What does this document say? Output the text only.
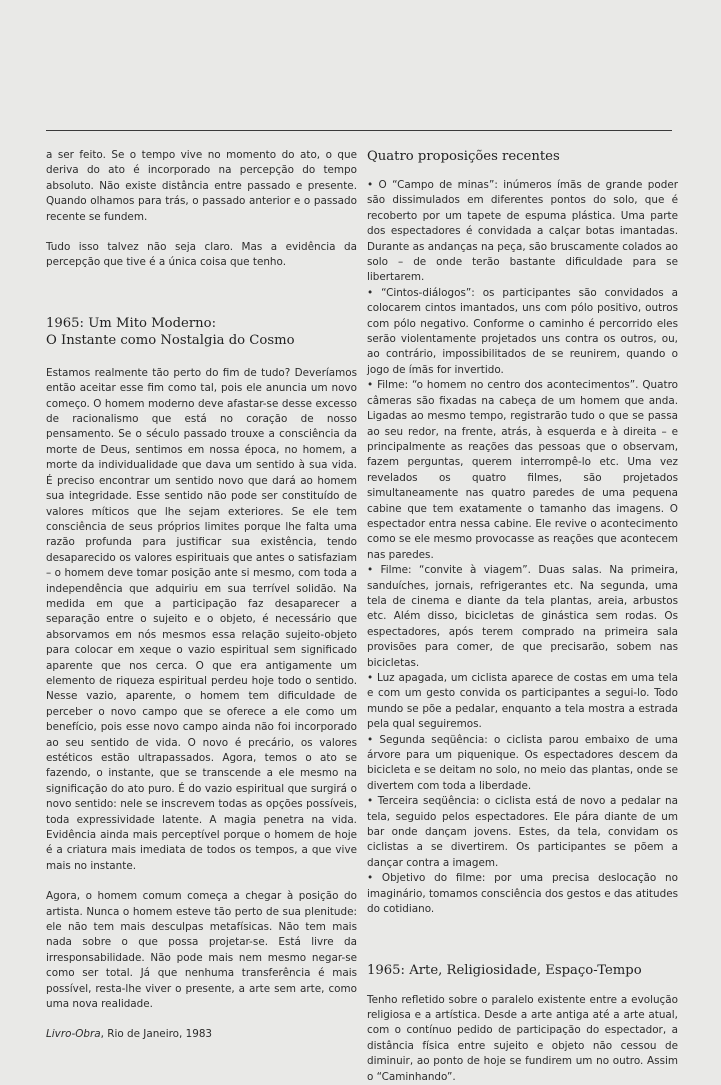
a ser feito. Se o tempo vive no momento do ato, o que deriva do ato é incorporado na percepção do tempo absoluto. Não existe distância entre passado e presente. Quando olhamos para trás, o passado anterior e o passado recente se fundem.

Tudo isso talvez não seja claro. Mas a evidência da percepção que tive é a única coisa que tenho.

1965: Um Mito Moderno:
O Instante como Nostalgia do Cosmo

Estamos realmente tão perto do fim de tudo? Deveríamos então aceitar esse fim como tal, pois ele anuncia um novo começo. O homem moderno deve afastar-se desse excesso de racionalismo que está no coração de nosso pensamento. Se o século passado trouxe a consciência da morte de Deus, sentimos em nossa época, no homem, a morte da individualidade que dava um sentido à sua vida. É preciso encontrar um sentido novo que dará ao homem sua integridade. Esse sentido não pode ser constituído de valores míticos que lhe sejam exteriores. Se ele tem consciência de seus próprios limites porque lhe falta uma razão profunda para justificar sua existência, tendo desaparecido os valores espirituais que antes o satisfaziam – o homem deve tomar posição ante si mesmo, com toda a independência que adquiriu em sua terrível solidão. Na medida em que a participação faz desaparecer a separação entre o sujeito e o objeto, é necessário que absorvamos em nós mesmos essa relação sujeito-objeto para colocar em xeque o vazio espiritual sem significado aparente que nos cerca. O que era antigamente um elemento de riqueza espiritual perdeu hoje todo o sentido. Nesse vazio, aparente, o homem tem dificuldade de perceber o novo campo que se oferece a ele como um benefício, pois esse novo campo ainda não foi incorporado ao seu sentido de vida. O novo é precário, os valores estéticos estão ultrapassados. Agora, temos o ato se fazendo, o instante, que se transcende a ele mesmo na significação do ato puro. É do vazio espiritual que surgirá o novo sentido: nele se inscrevem todas as opções possíveis, toda expressividade latente. A magia penetra na vida. Evidência ainda mais perceptível porque o homem de hoje é a criatura mais imediata de todos os tempos, a que vive mais no instante.

Agora, o homem comum começa a chegar à posição do artista. Nunca o homem esteve tão perto de sua plenitude: ele não tem mais desculpas metafísicas. Não tem mais nada sobre o que possa projetar-se. Está livre da irresponsabilidade. Não pode mais nem mesmo negar-se como ser total. Já que nenhuma transferência é mais possível, resta-lhe viver o presente, a arte sem arte, como uma nova realidade.

Livro-Obra, Rio de Janeiro, 1983

Quatro proposições recentes
• O “Campo de minas”: inúmeros ímãs de grande poder são dissimulados em diferentes pontos do solo, que é recoberto por um tapete de espuma plástica. Uma parte dos espectadores é convidada a calçar botas imantadas. Durante as andanças na peça, são bruscamente colados ao solo – de onde terão bastante dificuldade para se libertarem.
• “Cintos-diálogos”: os participantes são convidados a colocarem cintos imantados, uns com pólo positivo, outros com pólo negativo. Conforme o caminho é percorrido eles serão violentamente projetados uns contra os outros, ou, ao contrário, impossibilitados de se reunirem, quando o jogo de ímãs for invertido.
• Filme: “o homem no centro dos acontecimentos”. Quatro câmeras são fixadas na cabeça de um homem que anda. Ligadas ao mesmo tempo, registrarão tudo o que se passa ao seu redor, na frente, atrás, à esquerda e à direita – e principalmente as reações das pessoas que o observam, fazem perguntas, querem interrompê-lo etc. Uma vez revelados os quatro filmes, são projetados simultaneamente nas quatro paredes de uma pequena cabine que tem exatamente o tamanho das imagens. O espectador entra nessa cabine. Ele revive o acontecimento como se ele mesmo provocasse as reações que acontecem nas paredes.
• Filme: “convite à viagem”. Duas salas. Na primeira, sanduíches, jornais, refrigerantes etc. Na segunda, uma tela de cinema e diante da tela plantas, areia, arbustos etc. Além disso, bicicletas de ginástica sem rodas. Os espectadores, após terem comprado na primeira sala provisões para comer, de que precisarão, sobem nas bicicletas.
• Luz apagada, um ciclista aparece de costas em uma tela e com um gesto convida os participantes a segui-lo. Todo mundo se põe a pedalar, enquanto a tela mostra a estrada pela qual seguiremos.
• Segunda seqüência: o ciclista parou embaixo de uma árvore para um piquenique. Os espectadores descem da bicicleta e se deitam no solo, no meio das plantas, onde se divertem com toda a liberdade.
• Terceira seqüência: o ciclista está de novo a pedalar na tela, seguido pelos espectadores. Ele pára diante de um bar onde dançam jovens. Estes, da tela, convidam os ciclistas a se divertirem. Os participantes se põem a dançar contra a imagem.
• Objetivo do filme: por uma precisa deslocação no imaginário, tomamos consciência dos gestos e das atitudes do cotidiano.
1965: Arte, Religiosidade, Espaço-Tempo

Tenho refletido sobre o paralelo existente entre a evolução religiosa e a artística. Desde a arte antiga até a arte atual, com o contínuo pedido de participação do espectador, a distância física entre sujeito e objeto não cessou de diminuir, ao ponto de hoje se fundirem um no outro. Assim o “Caminhando”.
